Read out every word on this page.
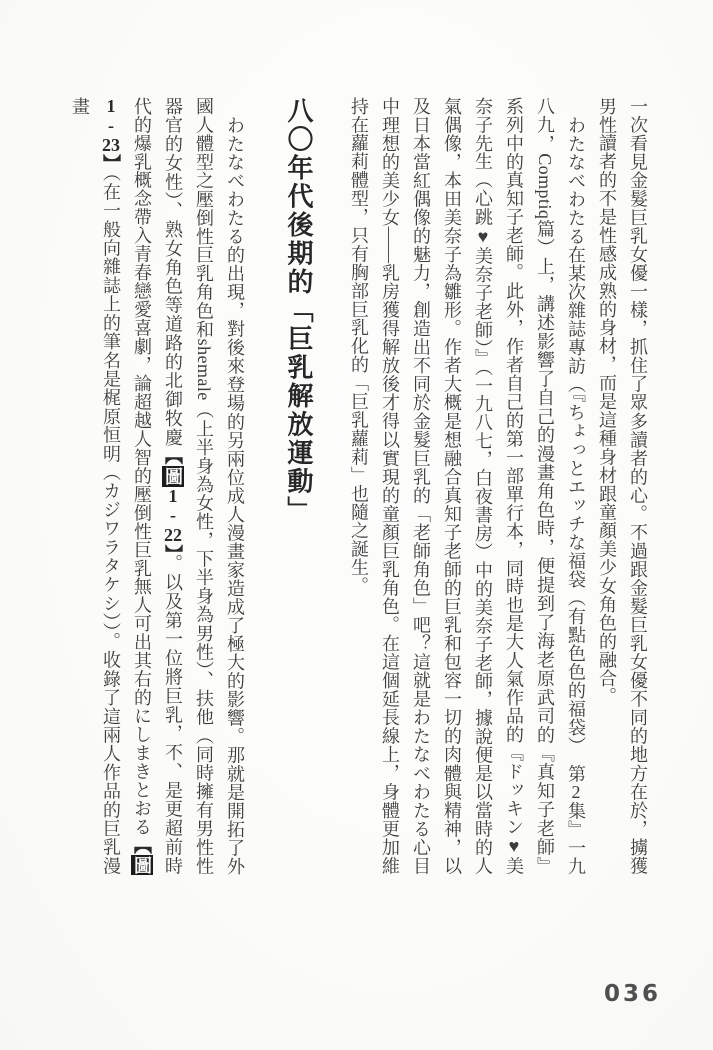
一次看見金髮巨乳女優一樣，抓住了眾多讀者的心。不過跟金髮巨乳女優不同的地方在於，擄獲男性讀者的不是性感成熟的身材，而是這種身材跟童顏美少女角色的融合。

わたなべわたる在某次雜誌專訪（『ちょっとエッチな福袋（有點色色的福袋）　第2集』一九八九，Comptiq篇）上，講述影響了自己的漫畫角色時，便提到了海老原武司的『真知子老師』系列中的真知子老師。此外，作者自己的第一部單行本，同時也是大人氣作品的『ドッキン♥美奈子先生（心跳♥美奈子老師）』（一九八七，白夜書房）中的美奈子老師，據說便是以當時的人氣偶像，本田美奈子為雛形。作者大概是想融合真知子老師的巨乳和包容一切的肉體與精神，以及日本當紅偶像的魅力，創造出不同於金髮巨乳的「老師角色」吧？這就是わたなべわたる心目中理想的美少女——乳房獲得解放後才得以實現的童顏巨乳角色。在這個延長線上，身體更加維持在蘿莉體型，只有胸部巨乳化的「巨乳蘿莉」也隨之誕生。

八〇年代後期的「巨乳解放運動」

わたなべわたる的出現，對後來登場的另兩位成人漫畫家造成了極大的影響。那就是開拓了外國人體型之壓倒性巨乳角色和shemale（上半身為女性，下半身為男性）、扶他（同時擁有男性性器官的女性）、熟女角色等道路的北御牧慶【圖1-22】。以及第一位將巨乳，不、是更超前時代的爆乳概念帶入青春戀愛喜劇，論超越人智的壓倒性巨乳無人可出其右的にしまきとおる【圖1-23】（在一般向雜誌上的筆名是梶原恒明（カジワラタケシ））。收錄了這兩人作品的巨乳漫畫

036
